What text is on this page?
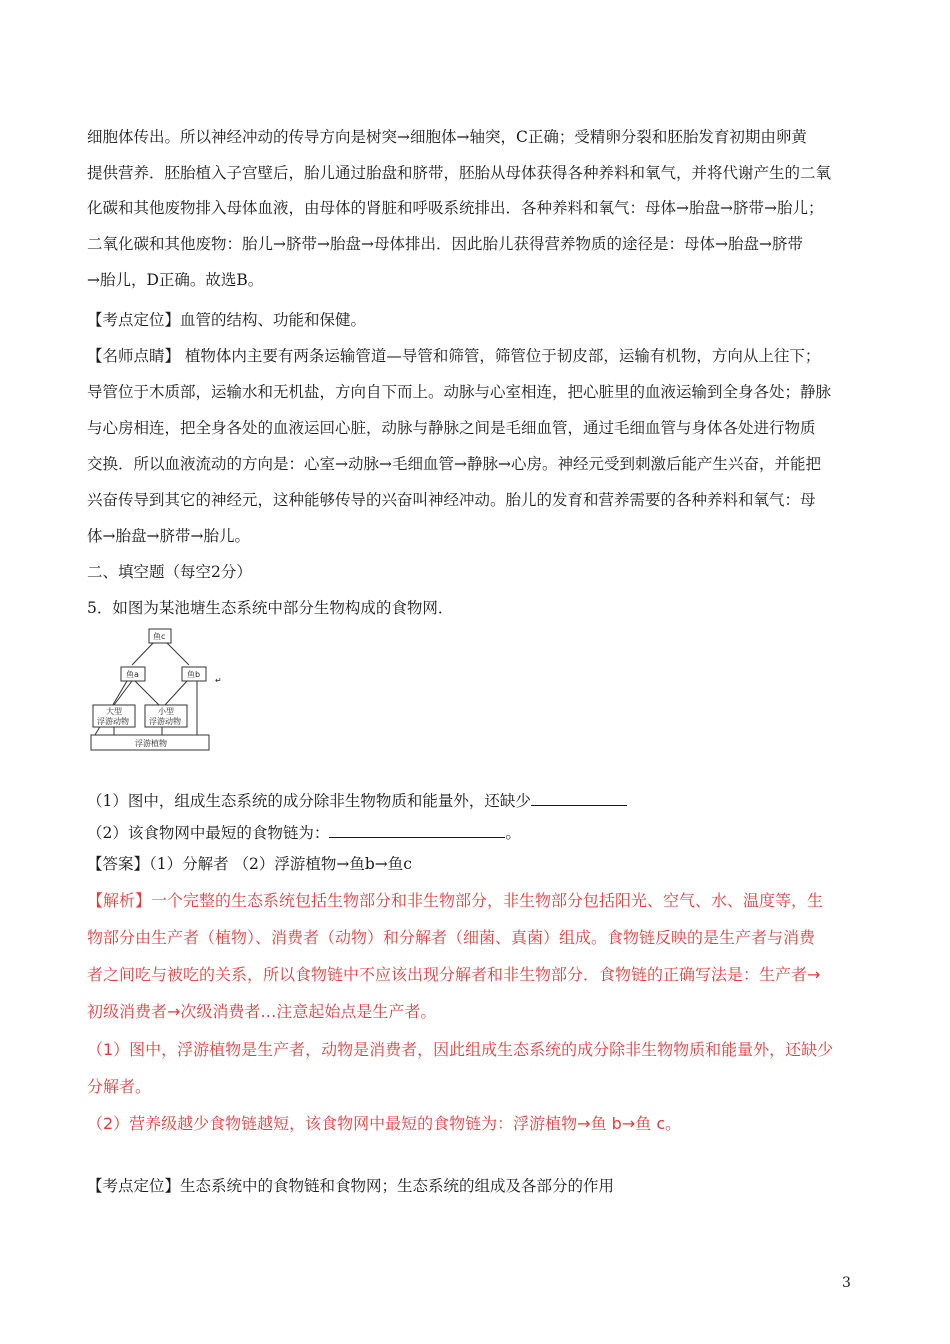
细胞体传出。所以神经冲动的传导方向是树突→细胞体→轴突，C正确；受精卵分裂和胚胎发育初期由卵黄
提供营养．胚胎植入子宫壁后，胎儿通过胎盘和脐带，胚胎从母体获得各种养料和氧气，并将代谢产生的二氧
化碳和其他废物排入母体血液，由母体的肾脏和呼吸系统排出．各种养料和氧气：母体→胎盘→脐带→胎儿；
二氧化碳和其他废物：胎儿→脐带→胎盘→母体排出．因此胎儿获得营养物质的途径是：母体→胎盘→脐带
→胎儿，D正确。故选B。
【考点定位】血管的结构、功能和保健。
【名师点睛】 植物体内主要有两条运输管道—导管和筛管，筛管位于韧皮部，运输有机物，方向从上往下；
导管位于木质部，运输水和无机盐，方向自下而上。动脉与心室相连，把心脏里的血液运输到全身各处；静脉
与心房相连，把全身各处的血液运回心脏，动脉与静脉之间是毛细血管，通过毛细血管与身体各处进行物质
交换．所以血液流动的方向是：心室→动脉→毛细血管→静脉→心房。神经元受到刺激后能产生兴奋，并能把
兴奋传导到其它的神经元，这种能够传导的兴奋叫神经冲动。胎儿的发育和营养需要的各种养料和氧气：母
体→胎盘→脐带→胎儿。
二、填空题（每空2分）
5．如图为某池塘生态系统中部分生物构成的食物网．
鱼c
鱼a	鱼b
↵
大型
浮游动物
小型
浮游动物
浮游植物
（1）图中，组成生态系统的成分除非生物物质和能量外，还缺少
（2）该食物网中最短的食物链为：	。
【答案】（1）分解者 （2）浮游植物→鱼b→鱼c
【解析】一个完整的生态系统包括生物部分和非生物部分，非生物部分包括阳光、空气、水、温度等，生
物部分由生产者（植物）、消费者（动物）和分解者（细菌、真菌）组成。食物链反映的是生产者与消费
者之间吃与被吃的关系，所以食物链中不应该出现分解者和非生物部分．食物链的正确写法是：生产者→
初级消费者→次级消费者…注意起始点是生产者。
（1）图中，浮游植物是生产者，动物是消费者，因此组成生态系统的成分除非生物物质和能量外，还缺少
分解者。
（2）营养级越少食物链越短，该食物网中最短的食物链为：浮游植物→鱼 b→鱼 c。
【考点定位】生态系统中的食物链和食物网；生态系统的组成及各部分的作用
3
